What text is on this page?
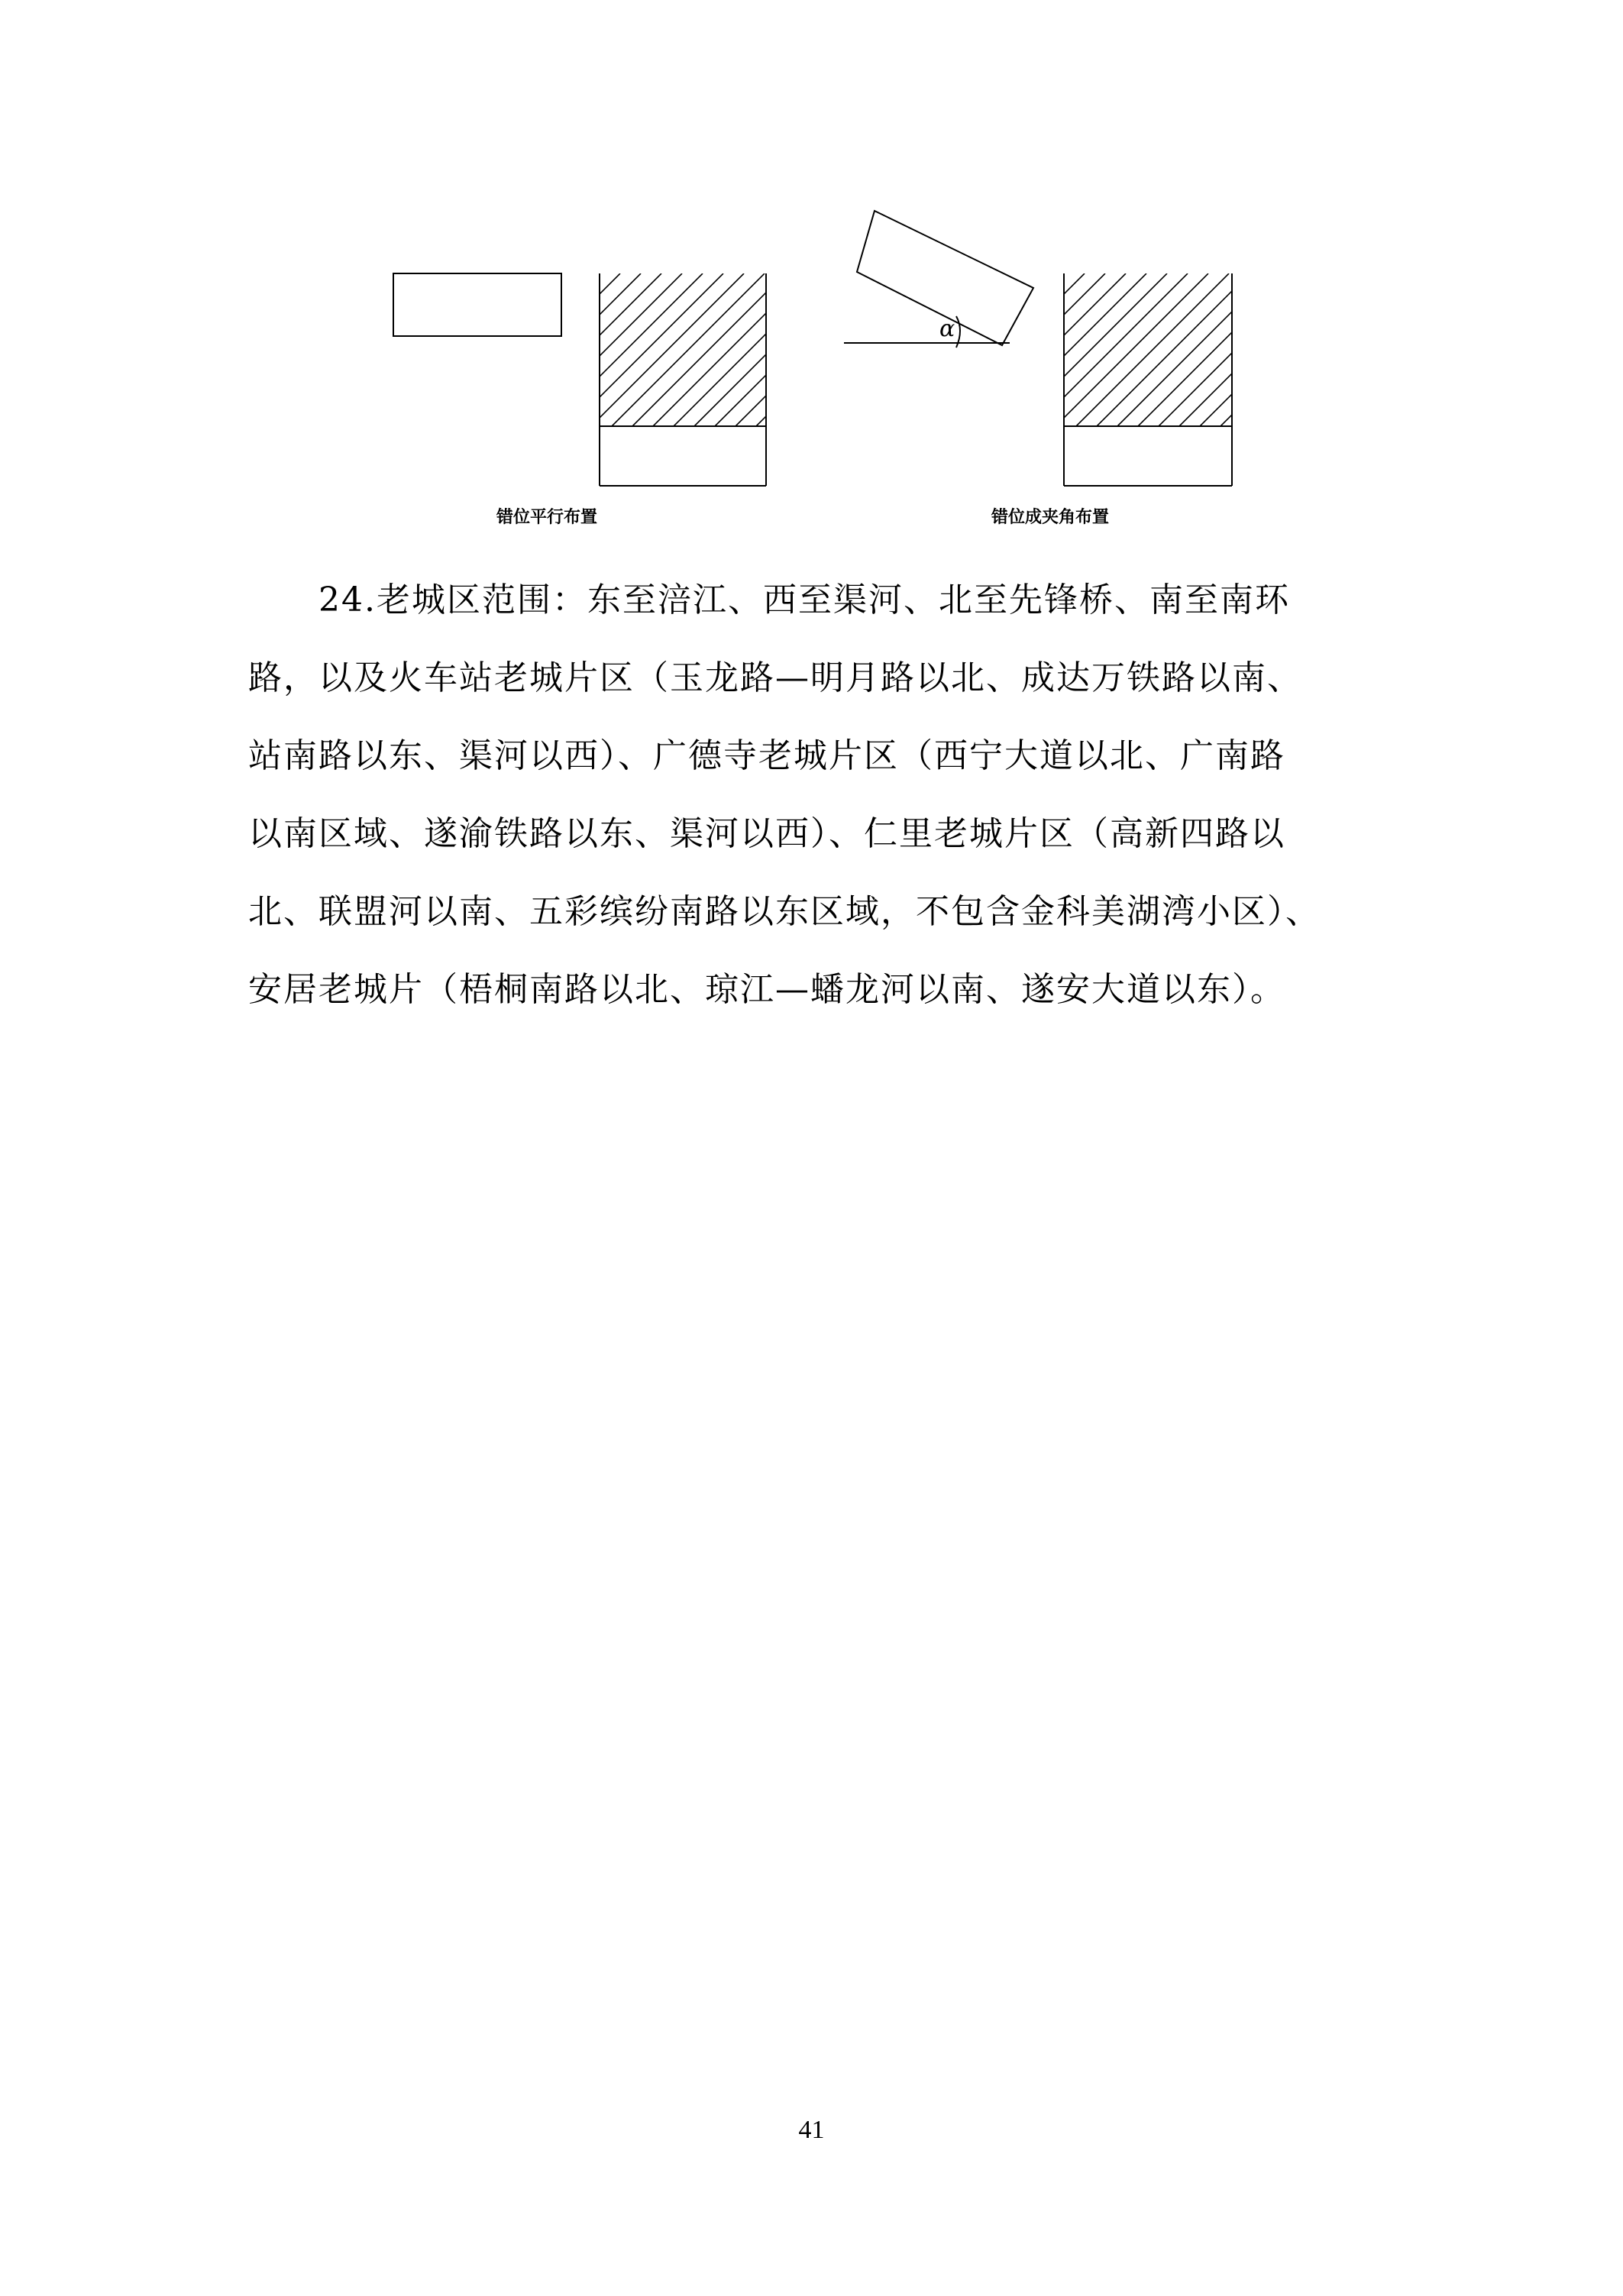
α
错位平行布置	错位成夹角布置
24.老城区范围：东至涪江、西至渠河、北至先锋桥、南至南环
路，以及火车站老城片区（玉龙路—明月路以北、成达万铁路以南、
站南路以东、渠河以西）、广德寺老城片区（西宁大道以北、广南路
以南区域、遂渝铁路以东、渠河以西）、仁里老城片区（高新四路以
北、联盟河以南、五彩缤纷南路以东区域，不包含金科美湖湾小区）、
安居老城片（梧桐南路以北、琼江—蟠龙河以南、遂安大道以东）。
41
